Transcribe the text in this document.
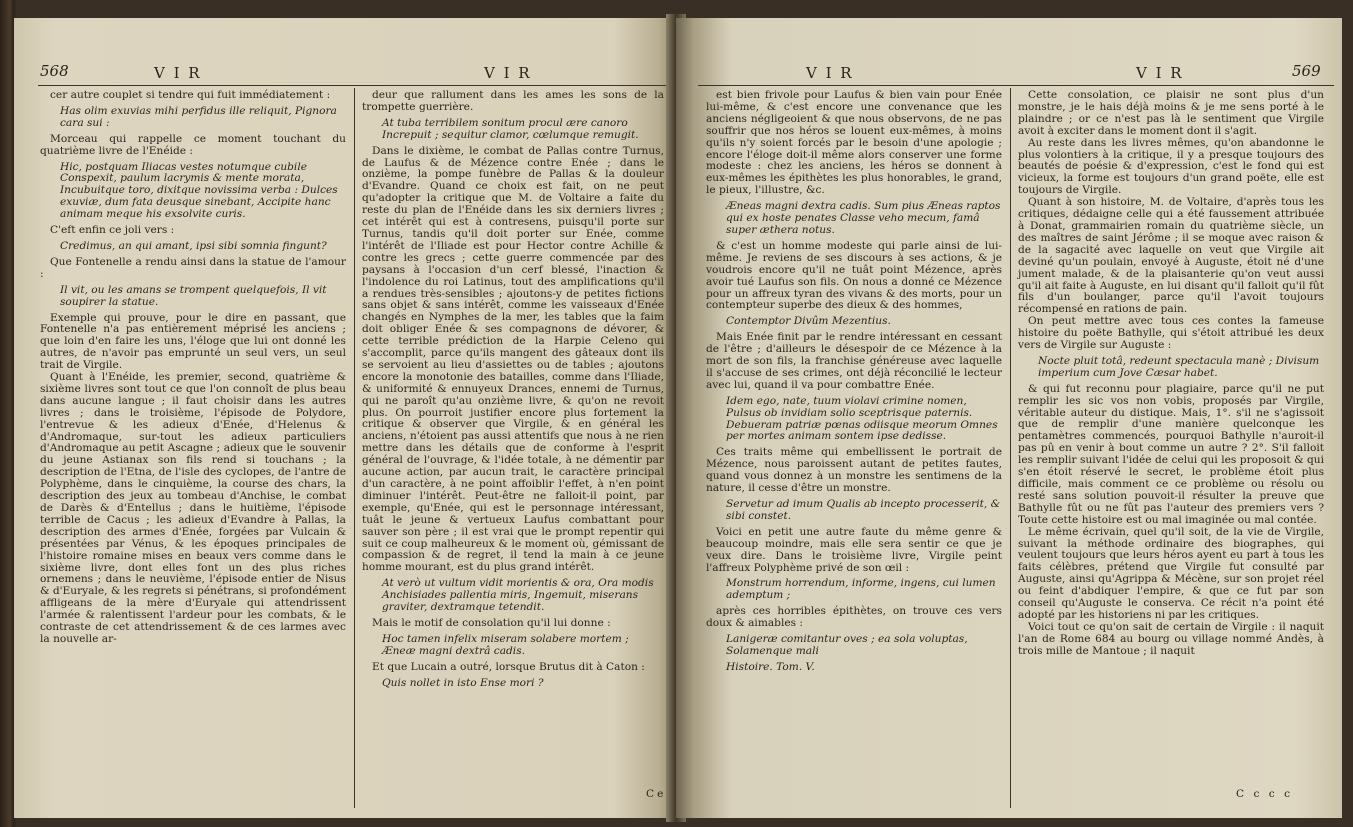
568	V I R	V I R

cer autre couplet si tendre qui fuit immédiatement :

Has olim exuvias mihi perfidus ille reliquit, Pignora cara sui :

Morceau qui rappelle ce moment touchant du quatrième livre de l'Enéide :

Hic, postquam Iliacas vestes notumque cubile Conspexit, paulum lacrymis & mente morata, Incubuitque toro, dixitque novissima verba : Dulces exuviæ, dum fata deusque sinebant, Accipite hanc animam meque his exsolvite curis.

C'eft enfin ce joli vers :

Credimus, an qui amant, ipsi sibi somnia fingunt?

Que Fontenelle a rendu ainsi dans la statue de l'amour :

Il vit, ou les amans se trompent quelquefois, Il vit soupirer la statue.

Exemple qui prouve, pour le dire en passant, que Fontenelle n'a pas entièrement méprisé les anciens ; que loin d'en faire les uns, l'éloge que lui ont donné les autres, de n'avoir pas emprunté un seul vers, un seul trait de Virgile.

Quant à l'Enéide, les premier, second, quatrième & sixième livres sont tout ce que l'on connoît de plus beau dans aucune langue ; il faut choisir dans les autres livres ; dans le troisième, l'épisode de Polydore, l'entrevue & les adieux d'Enée, d'Helenus & d'Andromaque, sur-tout les adieux particuliers d'Andromaque au petit Ascagne ; adieux que le souvenir du jeune Astianax son fils rend si touchans ; la description de l'Etna, de l'isle des cyclopes, de l'antre de Polyphème, dans le cinquième, la course des chars, la description des jeux au tombeau d'Anchise, le combat de Darès & d'Entellus ; dans le huitième, l'épisode terrible de Cacus ; les adieux d'Evandre à Pallas, la description des armes d'Enée, forgées par Vulcain & présentées par Vénus, & les époques principales de l'histoire romaine mises en beaux vers comme dans le sixième livre, dont elles font un des plus riches ornemens ; dans le neuvième, l'épisode entier de Nisus & d'Euryale, & les regrets si pénétrans, si profondément affligeans de la mère d'Euryale qui attendrissent l'armée & ralentissent l'ardeur pour les combats, & le contraste de cet attendrissement & de ces larmes avec la nouvelle ar-

deur que rallument dans les ames les sons de la trompette guerrière.

At tuba terribilem sonitum procul ære canoro Increpuit ; sequitur clamor, cœlumque remugit.

Dans le dixième, le combat de Pallas contre Turnus, de Laufus & de Mézence contre Enée ; dans le onzième, la pompe funèbre de Pallas & la douleur d'Evandre. Quand ce choix est fait, on ne peut qu'adopter la critique que M. de Voltaire a faite du reste du plan de l'Enéide dans les six derniers livres ; cet intérêt qui est à contresens, puisqu'il porte sur Turnus, tandis qu'il doit porter sur Enée, comme l'intérêt de l'Iliade est pour Hector contre Achille & contre les grecs ; cette guerre commencée par des paysans à l'occasion d'un cerf blessé, l'inaction & l'indolence du roi Latinus, tout des amplifications qu'il a rendues très-sensibles ; ajoutons-y de petites fictions sans objet & sans intérêt, comme les vaisseaux d'Enée changés en Nymphes de la mer, les tables que la faim doit obliger Enée & ses compagnons de dévorer, & cette terrible prédiction de la Harpie Celeno qui s'accomplit, parce qu'ils mangent des gâteaux dont ils se servoient au lieu d'assiettes ou de tables ; ajoutons encore la monotonie des batailles, comme dans l'Iliade, & uniformité & ennuyeux Drances, ennemi de Turnus, qui ne paroît qu'au onzième livre, & qu'on ne revoit plus. On pourroit justifier encore plus fortement la critique & observer que Virgile, & en général les anciens, n'étoient pas aussi attentifs que nous à ne rien mettre dans les détails que de conforme à l'esprit général de l'ouvrage, & l'idée totale, à ne démentir par aucune action, par aucun trait, le caractère principal d'un caractère, à ne point affoiblir l'effet, à n'en point diminuer l'intérêt. Peut-être ne falloit-il point, par exemple, qu'Enée, qui est le personnage intéressant, tuât le jeune & vertueux Laufus combattant pour sauver son père ; il est vrai que le prompt repentir qui suit ce coup malheureux & le moment où, gémissant de compassion & de regret, il tend la main à ce jeune homme mourant, est du plus grand intérêt.

At verò ut vultum vidit morientis & ora, Ora modis Anchisiades pallentia miris, Ingemuit, miserans graviter, dextramque tetendit.

Mais le motif de consolation qu'il lui donne :

Hoc tamen infelix miseram solabere mortem ; Æneæ magni dextrâ cadis.

Et que Lucain a outré, lorsque Brutus dit à Caton :

Quis nollet in isto Ense mori ?

Ce
V I R	V I R	569

est bien frivole pour Laufus & bien vain pour Enée lui-même, & c'est encore une convenance que les anciens négligeoient & que nous observons, de ne pas souffrir que nos héros se louent eux-mêmes, à moins qu'ils n'y soient forcés par le besoin d'une apologie ; encore l'éloge doit-il même alors conserver une forme modeste : chez les anciens, les héros se donnent à eux-mêmes les épithètes les plus honorables, le grand, le pieux, l'illustre, &c.

Æneas magni dextra cadis. Sum pius Æneas raptos qui ex hoste penates Classe veho mecum, famâ super æthera notus.

& c'est un homme modeste qui parle ainsi de lui-même. Je reviens de ses discours à ses actions, & je voudrois encore qu'il ne tuât point Mézence, après avoir tué Laufus son fils. On nous a donné ce Mézence pour un affreux tyran des vivans & des morts, pour un contempteur superbe des dieux & des hommes,

Contemptor Divûm Mezentius.

Mais Enée finit par le rendre intéressant en cessant de l'être ; d'ailleurs le désespoir de ce Mézence à la mort de son fils, la franchise généreuse avec laquelle il s'accuse de ses crimes, ont déjà réconcilié le lecteur avec lui, quand il va pour combattre Enée.

Idem ego, nate, tuum violavi crimine nomen, Pulsus ob invidiam solio sceptrisque paternis. Debueram patriæ pœnas odiisque meorum Omnes per mortes animam sontem ipse dedisse.

Ces traits même qui embellissent le portrait de Mézence, nous paroissent autant de petites fautes, quand vous donnez à un monstre les sentimens de la nature, il cesse d'être un monstre.

Servetur ad imum Qualis ab incepto processerit, & sibi constet.

Voici en petit une autre faute du même genre & beaucoup moindre, mais elle sera sentir ce que je veux dire. Dans le troisième livre, Virgile peint l'affreux Polyphème privé de son œil :

Monstrum horrendum, informe, ingens, cui lumen ademptum ;

après ces horribles épithètes, on trouve ces vers doux & aimables :

Lanigeræ comitantur oves ; ea sola voluptas, Solamenque mali

Histoire. Tom. V.

Cette consolation, ce plaisir ne sont plus d'un monstre, je le hais déjà moins & je me sens porté à le plaindre ; or ce n'est pas là le sentiment que Virgile avoit à exciter dans le moment dont il s'agit.

Au reste dans les livres mêmes, qu'on abandonne le plus volontiers à la critique, il y a presque toujours des beautés de poésie & d'expression, c'est le fond qui est vicieux, la forme est toujours d'un grand poëte, elle est toujours de Virgile.

Quant à son histoire, M. de Voltaire, d'après tous les critiques, dédaigne celle qui a été faussement attribuée à Donat, grammairien romain du quatrième siècle, un des maîtres de saint Jérôme ; il se moque avec raison & de la sagacité avec laquelle on veut que Virgile ait deviné qu'un poulain, envoyé à Auguste, étoit né d'une jument malade, & de la plaisanterie qu'on veut aussi qu'il ait faite à Auguste, en lui disant qu'il falloit qu'il fût fils d'un boulanger, parce qu'il l'avoit toujours récompensé en rations de pain.

On peut mettre avec tous ces contes la fameuse histoire du poëte Bathylle, qui s'étoit attribué les deux vers de Virgile sur Auguste :

Nocte pluit totâ, redeunt spectacula manè ; Divisum imperium cum Jove Cæsar habet.

& qui fut reconnu pour plagiaire, parce qu'il ne put remplir les sic vos non vobis, proposés par Virgile, véritable auteur du distique. Mais, 1°. s'il ne s'agissoit que de remplir d'une manière quelconque les pentamètres commencés, pourquoi Bathylle n'auroit-il pas pû en venir à bout comme un autre ? 2°. S'il falloit les remplir suivant l'idée de celui qui les proposoit & qui s'en étoit réservé le secret, le problème étoit plus difficile, mais comment ce ce problème ou résolu ou resté sans solution pouvoit-il résulter la preuve que Bathylle fût ou ne fût pas l'auteur des premiers vers ? Toute cette histoire est ou mal imaginée ou mal contée.

Le même écrivain, quel qu'il soit, de la vie de Virgile, suivant la méthode ordinaire des biographes, qui veulent toujours que leurs héros ayent eu part à tous les faits célèbres, prétend que Virgile fut consulté par Auguste, ainsi qu'Agrippa & Mécène, sur son projet réel ou feint d'abdiquer l'empire, & que ce fut par son conseil qu'Auguste le conserva. Ce récit n'a point été adopté par les historiens ni par les critiques.

Voici tout ce qu'on sait de certain de Virgile : il naquit l'an de Rome 684 au bourg ou village nommé Andès, à trois mille de Mantoue ; il naquit

C c c c
